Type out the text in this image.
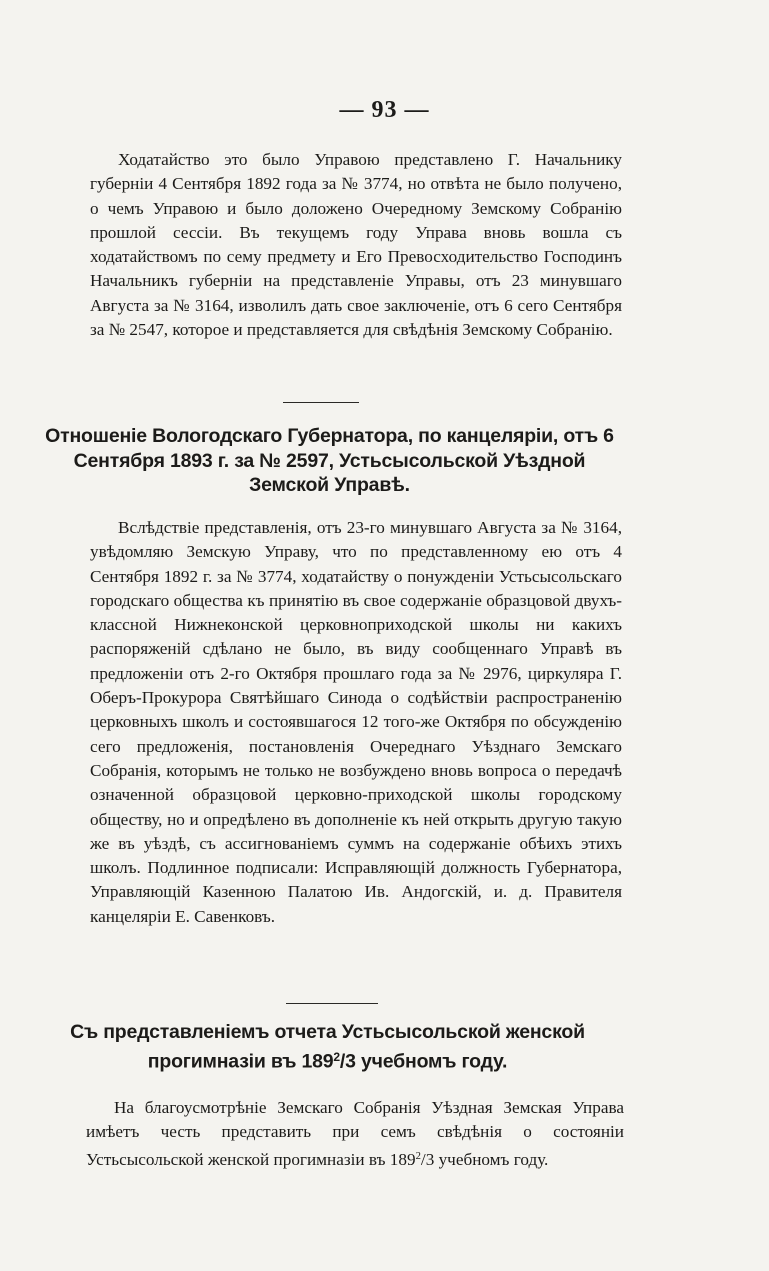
— 93 —

Ходатайство это было Управою представлено Г. Начальнику губерніи 4 Сентября 1892 года за № 3774, но отвѣта не было получено, о чемъ Управою и было доложено Очередному Земскому Собранію прошлой сессіи. Въ текущемъ году Управа вновь вошла съ ходатайствомъ по сему предмету и Его Превосходительство Господинъ Начальникъ губерніи на представленіе Управы, отъ 23 минувшаго Августа за № 3164, изволилъ дать свое заключеніе, отъ 6 сего Сентября за № 2547, которое и представляется для свѣдѣнія Земскому Собранію.

Отношеніе Вологодскаго Губернатора, по канцеляріи, отъ 6 Сентября 1893 г. за № 2597, Устьсысольской Уѣздной Земской Управѣ.

Вслѣдствіе представленія, отъ 23-го минувшаго Августа за № 3164, увѣдомляю Земскую Управу, что по представленному ею отъ 4 Сентября 1892 г. за № 3774, ходатайству о понужденіи Устьсысольскаго городскаго общества къ принятію въ свое содержаніе образцовой двухъ-классной Нижнеконской церковноприходской школы ни какихъ распоряженій сдѣлано не было, въ виду сообщеннаго Управѣ въ предложеніи отъ 2-го Октября прошлаго года за № 2976, циркуляра Г. Оберъ-Прокурора Святѣйшаго Синода о содѣйствіи распространенію церковныхъ школъ и состоявшагося 12 того-же Октября по обсужденію сего предложенія, постановленія Очереднаго Уѣзднаго Земскаго Собранія, которымъ не только не возбуждено вновь вопроса о передачѣ означенной образцовой церковно-приходской школы городскому обществу, но и опредѣлено въ дополненіе къ ней открыть другую такую же въ уѣздѣ, съ ассигнованіемъ суммъ на содержаніе обѣихъ этихъ школъ. Подлинное подписали: Исправляющій должность Губернатора, Управляющій Казенною Палатою Ив. Андогскій, и. д. Правителя канцеляріи Е. Савенковъ.

Съ представленіемъ отчета Устьсысольской женской прогимназіи въ $189^2/3$ учебномъ году.

На благоусмотрѣніе Земскаго Собранія Уѣздная Земская Управа имѣетъ честь представить при семъ свѣдѣнія о состояніи Устьсысольской женской прогимназіи въ $189^2/3$ учебномъ году.
